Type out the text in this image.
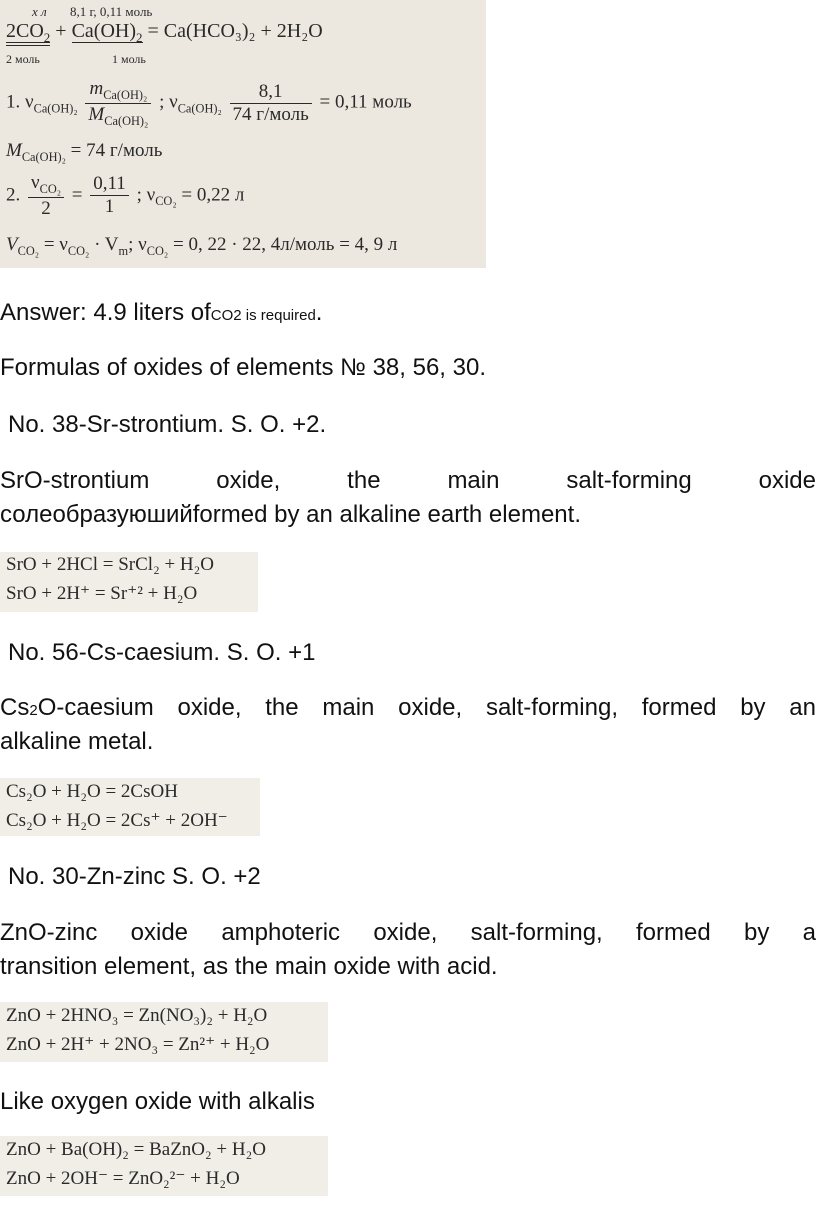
x л 8,1 г, 0,11 моль
$2CO_2 + Ca(OH)_2 = Ca(HCO_3)_2 + 2H_2O$
2 моль	1 моль
1. $\nu_{Ca(OH)_2} \frac{m_{Ca(OH)_2}}{M_{Ca(OH)_2}}$ ; $\nu_{Ca(OH)_2} \frac{8,1}{\text{74 г/моль}} = 0,11$ моль
$M_{Ca(OH)_2} = 74$ г/моль
2. $\frac{\nu_{CO_2}}{2} = \frac{0,11}{1}$ ; $\nu_{CO_2} = 0,22$ л
$V_{CO_2} = \nu_{CO_2} \cdot V_m$; $\nu_{CO_2} = 0$, 22 · 22, 4л/моль = 4, 9 л
Answer: 4.9 liters ofCO2 is required.
Formulas of oxides of elements № 38, 56, 30.
No. 38-Sr-strontium. S. O. +2.
SrO-strontium oxide, the main salt-forming oxide
солеобразуюшийformed by an alkaline earth element.
SrO + 2HCl = SrCl₂ + H₂O
SrO + 2H⁺ = Sr⁺² + H₂O
No. 56-Cs-caesium. S. O. +1
Cs2O-caesium oxide, the main oxide, salt-forming, formed by an
alkaline metal.
Cs₂O + H₂O = 2CsOH
Cs₂O + H₂O = 2Cs⁺ + 2OH⁻
No. 30-Zn-zinc S. O. +2
ZnO-zinc oxide amphoteric oxide, salt-forming, formed by a
transition element, as the main oxide with acid.
ZnO + 2HNO₃ = Zn(NO₃)₂ + H₂O
ZnO + 2H⁺ + 2NO₃ = Zn²⁺ + H₂O
Like oxygen oxide with alkalis
ZnO + Ba(OH)₂ = BaZnO₂ + H₂O
ZnO + 2OH⁻ = ZnO₂²⁻ + H₂O
